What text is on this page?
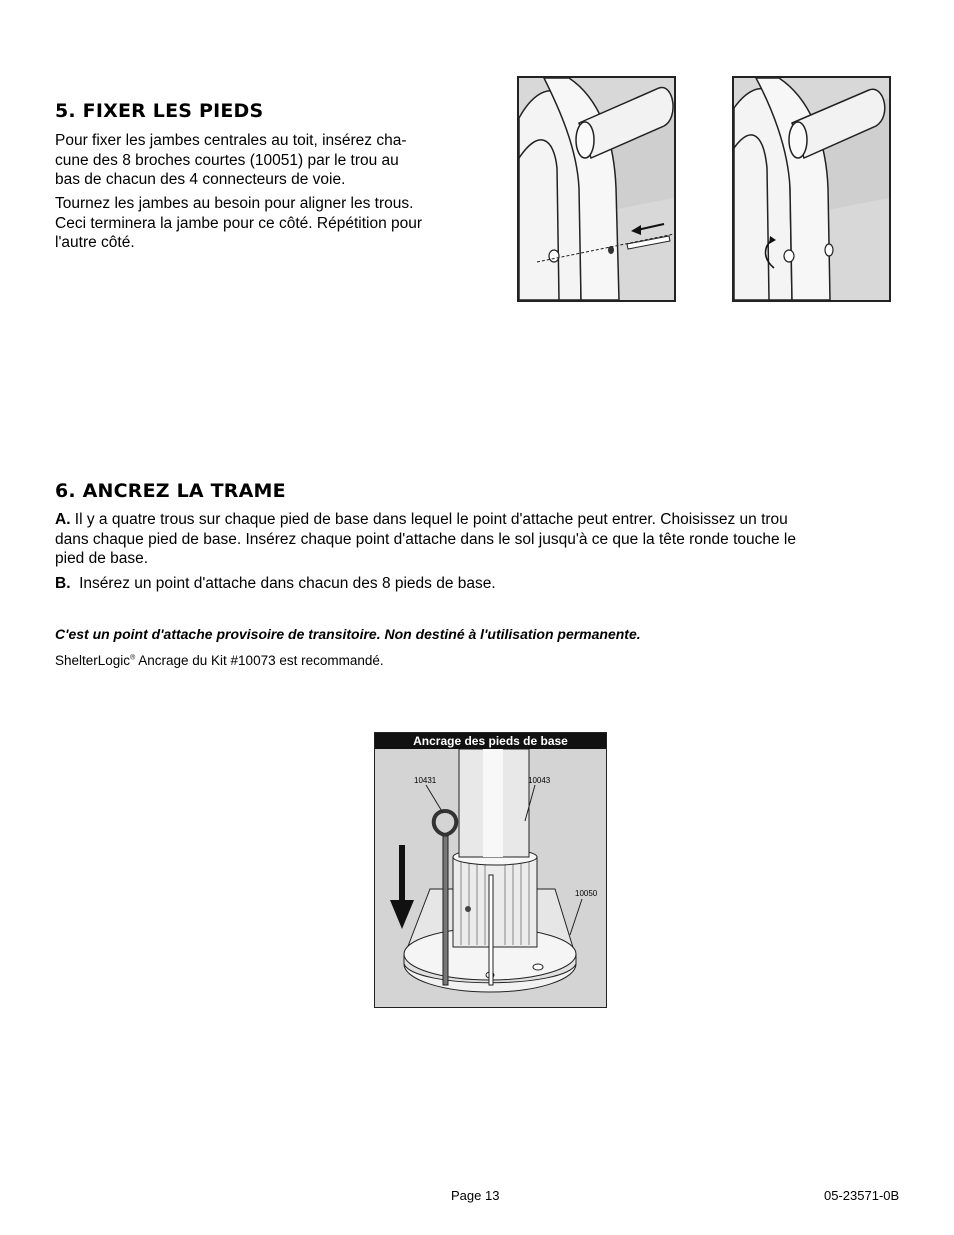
5. FIXER LES PIEDS

Pour fixer les jambes centrales au toit, insérez cha-
cune des 8 broches courtes (10051) par le trou au
bas de chacun des 4 connecteurs de voie.

Tournez les jambes au besoin pour aligner les trous.
Ceci terminera la jambe pour ce côté. Répétition pour
l'autre côté.

6. ANCREZ LA TRAME

A. Il y a quatre trous sur chaque pied de base dans lequel le point d'attache peut entrer. Choisissez un trou
dans chaque pied de base. Insérez chaque point d'attache dans le sol jusqu'à ce que la tête ronde touche le
pied de base.

B.  Insérez un point d'attache dans chacun des 8 pieds de base.

C'est un point d'attache provisoire de transitoire. Non destiné à l'utilisation permanente.
ShelterLogic® Ancrage du Kit #10073 est recommandé.
Ancrage des pieds de base
10431	10043
10050
Page 13	05-23571-0B
